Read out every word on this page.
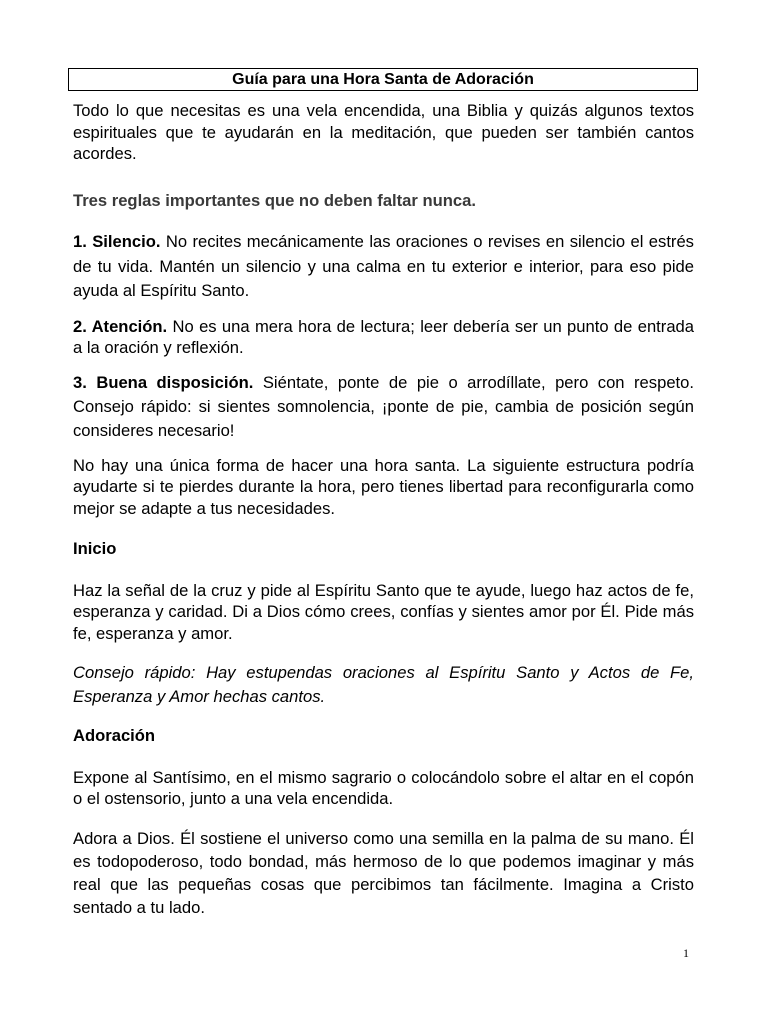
Guía para una Hora Santa de Adoración

Todo lo que necesitas es una vela encendida, una Biblia y quizás algunos textos espirituales que te ayudarán en la meditación, que pueden ser también cantos acordes.

Tres reglas importantes que no deben faltar nunca.

1. Silencio. No recites mecánicamente las oraciones o revises en silencio el estrés de tu vida. Mantén un silencio y una calma en tu exterior e interior, para eso pide ayuda al Espíritu Santo.

2. Atención. No es una mera hora de lectura; leer debería ser un punto de entrada a la oración y reflexión.

3. Buena disposición. Siéntate, ponte de pie o arrodíllate, pero con respeto. Consejo rápido: si sientes somnolencia, ¡ponte de pie, cambia de posición según consideres necesario!

No hay una única forma de hacer una hora santa. La siguiente estructura podría ayudarte si te pierdes durante la hora, pero tienes libertad para reconfigurarla como mejor se adapte a tus necesidades.

Inicio

Haz la señal de la cruz y pide al Espíritu Santo que te ayude, luego haz actos de fe, esperanza y caridad. Di a Dios cómo crees, confías y sientes amor por Él. Pide más fe, esperanza y amor.

Consejo rápido: Hay estupendas oraciones al Espíritu Santo y Actos de Fe, Esperanza y Amor hechas cantos.

Adoración

Expone al Santísimo, en el mismo sagrario o colocándolo sobre el altar en el copón o el ostensorio, junto a una vela encendida.

Adora a Dios. Él sostiene el universo como una semilla en la palma de su mano. Él es todopoderoso, todo bondad, más hermoso de lo que podemos imaginar y más real que las pequeñas cosas que percibimos tan fácilmente. Imagina a Cristo sentado a tu lado.

1
